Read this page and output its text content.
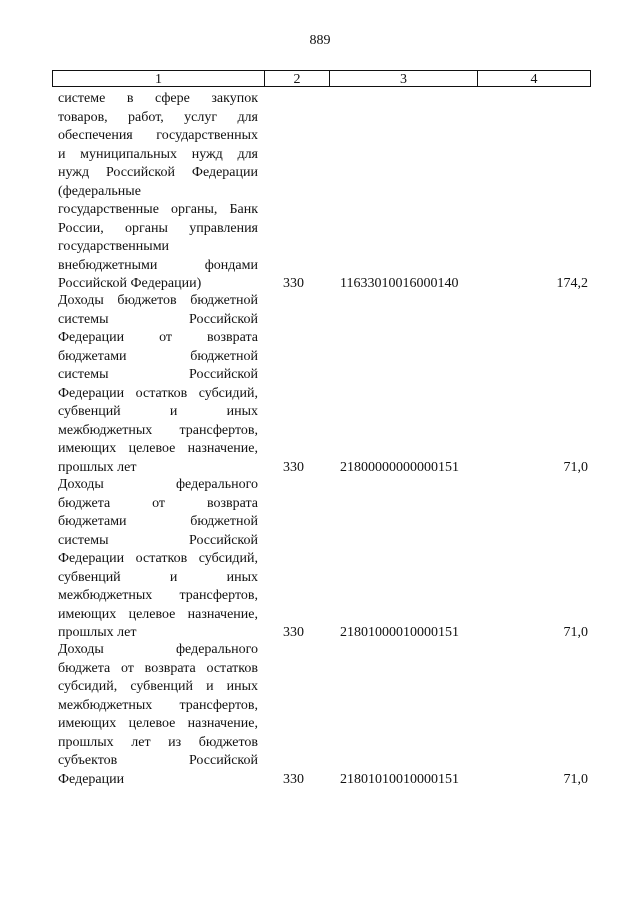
889
1	2	3	4
системе в сфере закупок
товаров, работ, услуг для
обеспечения государственных
и муниципальных нужд для
нужд Российской Федерации
(федеральные
государственные органы, Банк
России, органы управления
государственными
внебюджетными фондами
Российской Федерации)	330	11633010016000140	174,2
Доходы бюджетов бюджетной
системы Российской
Федерации от возврата
бюджетами бюджетной
системы Российской
Федерации остатков субсидий,
субвенций и иных
межбюджетных трансфертов,
имеющих целевое назначение,
прошлых лет	330	21800000000000151	71,0
Доходы федерального
бюджета от возврата
бюджетами бюджетной
системы Российской
Федерации остатков субсидий,
субвенций и иных
межбюджетных трансфертов,
имеющих целевое назначение,
прошлых лет	330	21801000010000151	71,0
Доходы федерального
бюджета от возврата остатков
субсидий, субвенций и иных
межбюджетных трансфертов,
имеющих целевое назначение,
прошлых лет из бюджетов
субъектов Российской
Федерации	330	21801010010000151	71,0
